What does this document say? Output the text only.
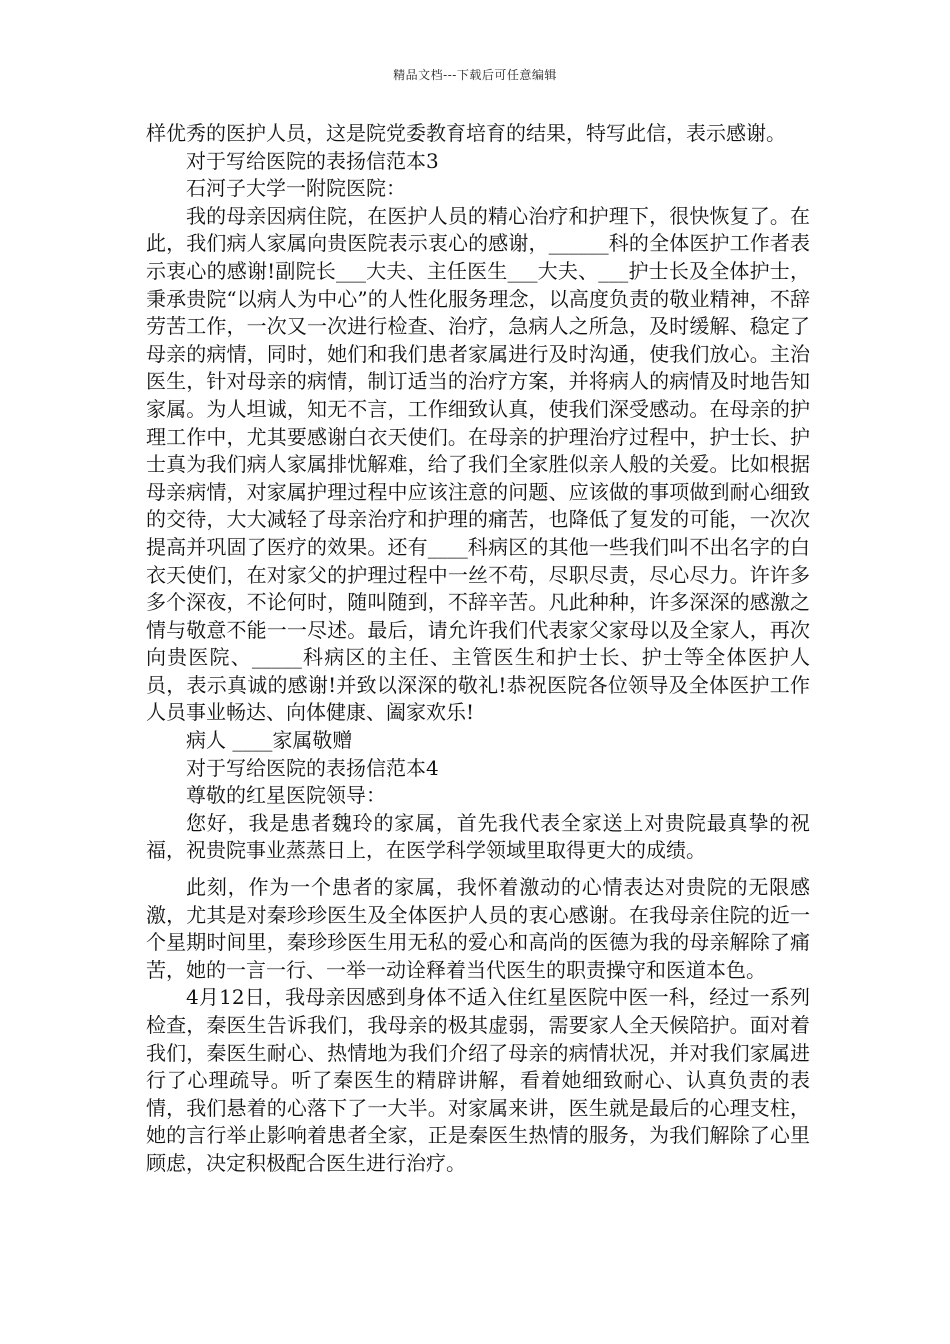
精品文档---下载后可任意编辑

样优秀的医护人员，这是院党委教育培育的结果，特写此信，表示感谢。

对于写给医院的表扬信范本3

石河子大学一附院医院：

我的母亲因病住院，在医护人员的精心治疗和护理下，很快恢复了。在此，我们病人家属向贵医院表示衷心的感谢，______科的全体医护工作者表示衷心的感谢!副院长___大夫、主任医生___大夫、___护士长及全体护士，秉承贵院“以病人为中心”的人性化服务理念，以高度负责的敬业精神，不辞劳苦工作，一次又一次进行检查、治疗，急病人之所急，及时缓解、稳定了母亲的病情，同时，她们和我们患者家属进行及时沟通，使我们放心。主治医生，针对母亲的病情，制订适当的治疗方案，并将病人的病情及时地告知家属。为人坦诚，知无不言，工作细致认真，使我们深受感动。在母亲的护理工作中，尤其要感谢白衣天使们。在母亲的护理治疗过程中，护士长、护士真为我们病人家属排忧解难，给了我们全家胜似亲人般的关爱。比如根据母亲病情，对家属护理过程中应该注意的问题、应该做的事项做到耐心细致的交待，大大减轻了母亲治疗和护理的痛苦，也降低了复发的可能，一次次提高并巩固了医疗的效果。还有____科病区的其他一些我们叫不出名字的白衣天使们，在对家父的护理过程中一丝不苟，尽职尽责，尽心尽力。许许多多个深夜，不论何时，随叫随到，不辞辛苦。凡此种种，许多深深的感激之情与敬意不能一一尽述。最后，请允许我们代表家父家母以及全家人，再次向贵医院、_____科病区的主任、主管医生和护士长、护士等全体医护人员，表示真诚的感谢!并致以深深的敬礼!恭祝医院各位领导及全体医护工作人员事业畅达、向体健康、阖家欢乐!

病人 ____家属敬赠

对于写给医院的表扬信范本4

尊敬的红星医院领导：

您好，我是患者魏玲的家属，首先我代表全家送上对贵院最真挚的祝福，祝贵院事业蒸蒸日上，在医学科学领域里取得更大的成绩。

此刻，作为一个患者的家属，我怀着激动的心情表达对贵院的无限感激，尤其是对秦珍珍医生及全体医护人员的衷心感谢。在我母亲住院的近一个星期时间里，秦珍珍医生用无私的爱心和高尚的医德为我的母亲解除了痛苦，她的一言一行、一举一动诠释着当代医生的职责操守和医道本色。

4月12日，我母亲因感到身体不适入住红星医院中医一科，经过一系列检查，秦医生告诉我们，我母亲的极其虚弱，需要家人全天候陪护。面对着我们，秦医生耐心、热情地为我们介绍了母亲的病情状况，并对我们家属进行了心理疏导。听了秦医生的精辟讲解，看着她细致耐心、认真负责的表情，我们悬着的心落下了一大半。对家属来讲，医生就是最后的心理支柱，她的言行举止影响着患者全家，正是秦医生热情的服务，为我们解除了心里顾虑，决定积极配合医生进行治疗。
